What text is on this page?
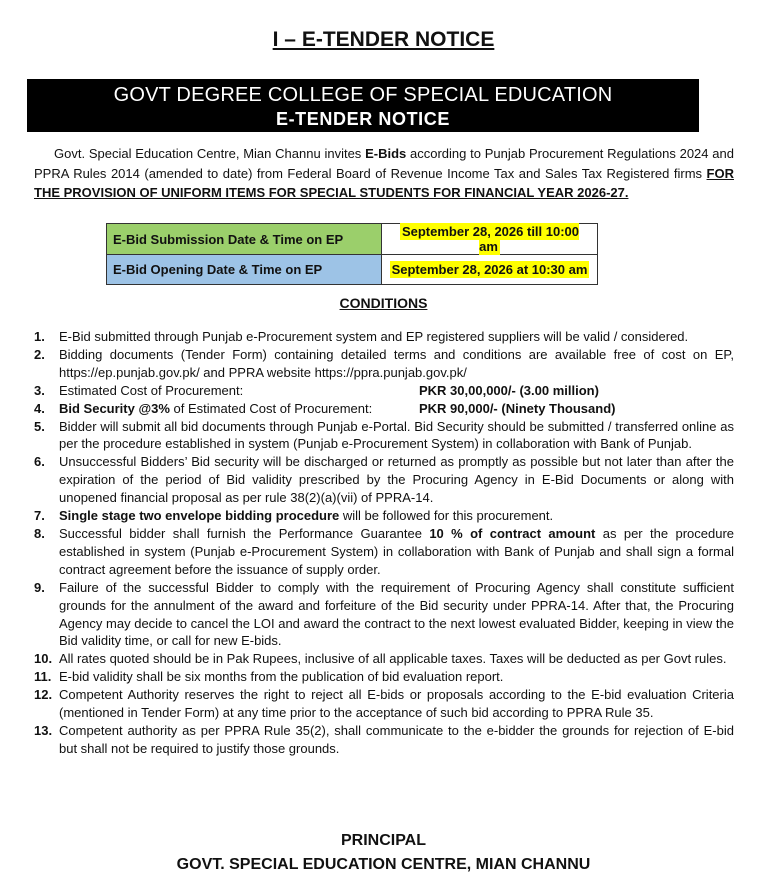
I – E-TENDER NOTICE
GOVT DEGREE COLLEGE OF SPECIAL EDUCATION
E-TENDER NOTICE
Govt. Special Education Centre, Mian Channu invites E-Bids according to Punjab Procurement Regulations 2024 and PPRA Rules 2014 (amended to date) from Federal Board of Revenue Income Tax and Sales Tax Registered firms FOR THE PROVISION OF UNIFORM ITEMS FOR SPECIAL STUDENTS FOR FINANCIAL YEAR 2026-27.
E-Bid Submission Date & Time on EP	September 28, 2026 till 10:00 am
E-Bid Opening Date & Time on EP	September 28, 2026 at 10:30 am
CONDITIONS
1. E-Bid submitted through Punjab e-Procurement system and EP registered suppliers will be valid / considered.
2. Bidding documents (Tender Form) containing detailed terms and conditions are available free of cost on EP, https://ep.punjab.gov.pk/ and PPRA website https://ppra.punjab.gov.pk/
3. Estimated Cost of Procurement:	PKR 30,00,000/- (3.00 million)
4. Bid Security @3% of Estimated Cost of Procurement:	PKR 90,000/- (Ninety Thousand)
5. Bidder will submit all bid documents through Punjab e-Portal. Bid Security should be submitted / transferred online as per the procedure established in system (Punjab e-Procurement System) in collaboration with Bank of Punjab.
6. Unsuccessful Bidders’ Bid security will be discharged or returned as promptly as possible but not later than after the expiration of the period of Bid validity prescribed by the Procuring Agency in E-Bid Documents or along with unopened financial proposal as per rule 38(2)(a)(vii) of PPRA-14.
7. Single stage two envelope bidding procedure will be followed for this procurement.
8. Successful bidder shall furnish the Performance Guarantee 10 % of contract amount as per the procedure established in system (Punjab e-Procurement System) in collaboration with Bank of Punjab and shall sign a formal contract agreement before the issuance of supply order.
9. Failure of the successful Bidder to comply with the requirement of Procuring Agency shall constitute sufficient grounds for the annulment of the award and forfeiture of the Bid security under PPRA-14. After that, the Procuring Agency may decide to cancel the LOI and award the contract to the next lowest evaluated Bidder, keeping in view the Bid validity time, or call for new E-bids.
10. All rates quoted should be in Pak Rupees, inclusive of all applicable taxes. Taxes will be deducted as per Govt rules.
11. E-bid validity shall be six months from the publication of bid evaluation report.
12. Competent Authority reserves the right to reject all E-bids or proposals according to the E-bid evaluation Criteria (mentioned in Tender Form) at any time prior to the acceptance of such bid according to PPRA Rule 35.
13. Competent authority as per PPRA Rule 35(2), shall communicate to the e-bidder the grounds for rejection of E-bid but shall not be required to justify those grounds.
PRINCIPAL
GOVT. SPECIAL EDUCATION CENTRE, MIAN CHANNU
